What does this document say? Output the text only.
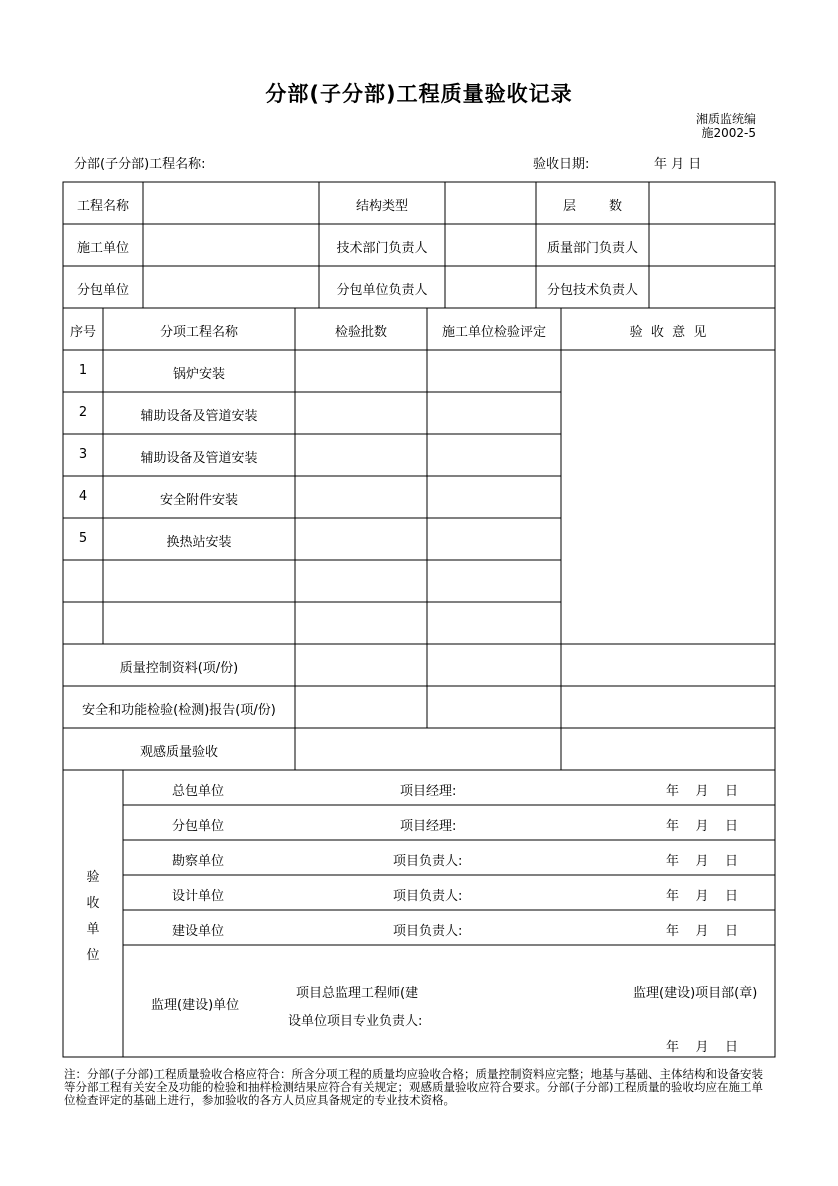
分部(子分部)工程质量验收记录
湘质监统编
施2002-5
分部(子分部)工程名称:	验收日期:	年 月 日
工程名称	结构类型	层        数
施工单位	技术部门负责人	质量部门负责人
分包单位	分包单位负责人	分包技术负责人
序号	分项工程名称	检验批数	施工单位检验评定	验  收  意  见
1	锅炉安装
2	辅助设备及管道安装
3	辅助设备及管道安装
4	安全附件安装
5	换热站安装
质量控制资料(项/份)
安全和功能检验(检测)报告(项/份)
观感质量验收
验
收
单
位
总包单位	项目经理:	年    月    日
分包单位	项目经理:	年    月    日
勘察单位	项目负责人:	年    月    日
设计单位	项目负责人:	年    月    日
建设单位	项目负责人:	年    月    日
监理(建设)单位
项目总监理工程师(建
设单位项目专业负责人:
监理(建设)项目部(章)
年    月    日
注：分部(子分部)工程质量验收合格应符合：所含分项工程的质量均应验收合格；质量控制资料应完整；地基与基础、主体结构和设备安装等分部工程有关安全及功能的检验和抽样检测结果应符合有关规定；观感质量验收应符合要求。分部(子分部)工程质量的验收均应在施工单位检查评定的基础上进行，参加验收的各方人员应具备规定的专业技术资格。
